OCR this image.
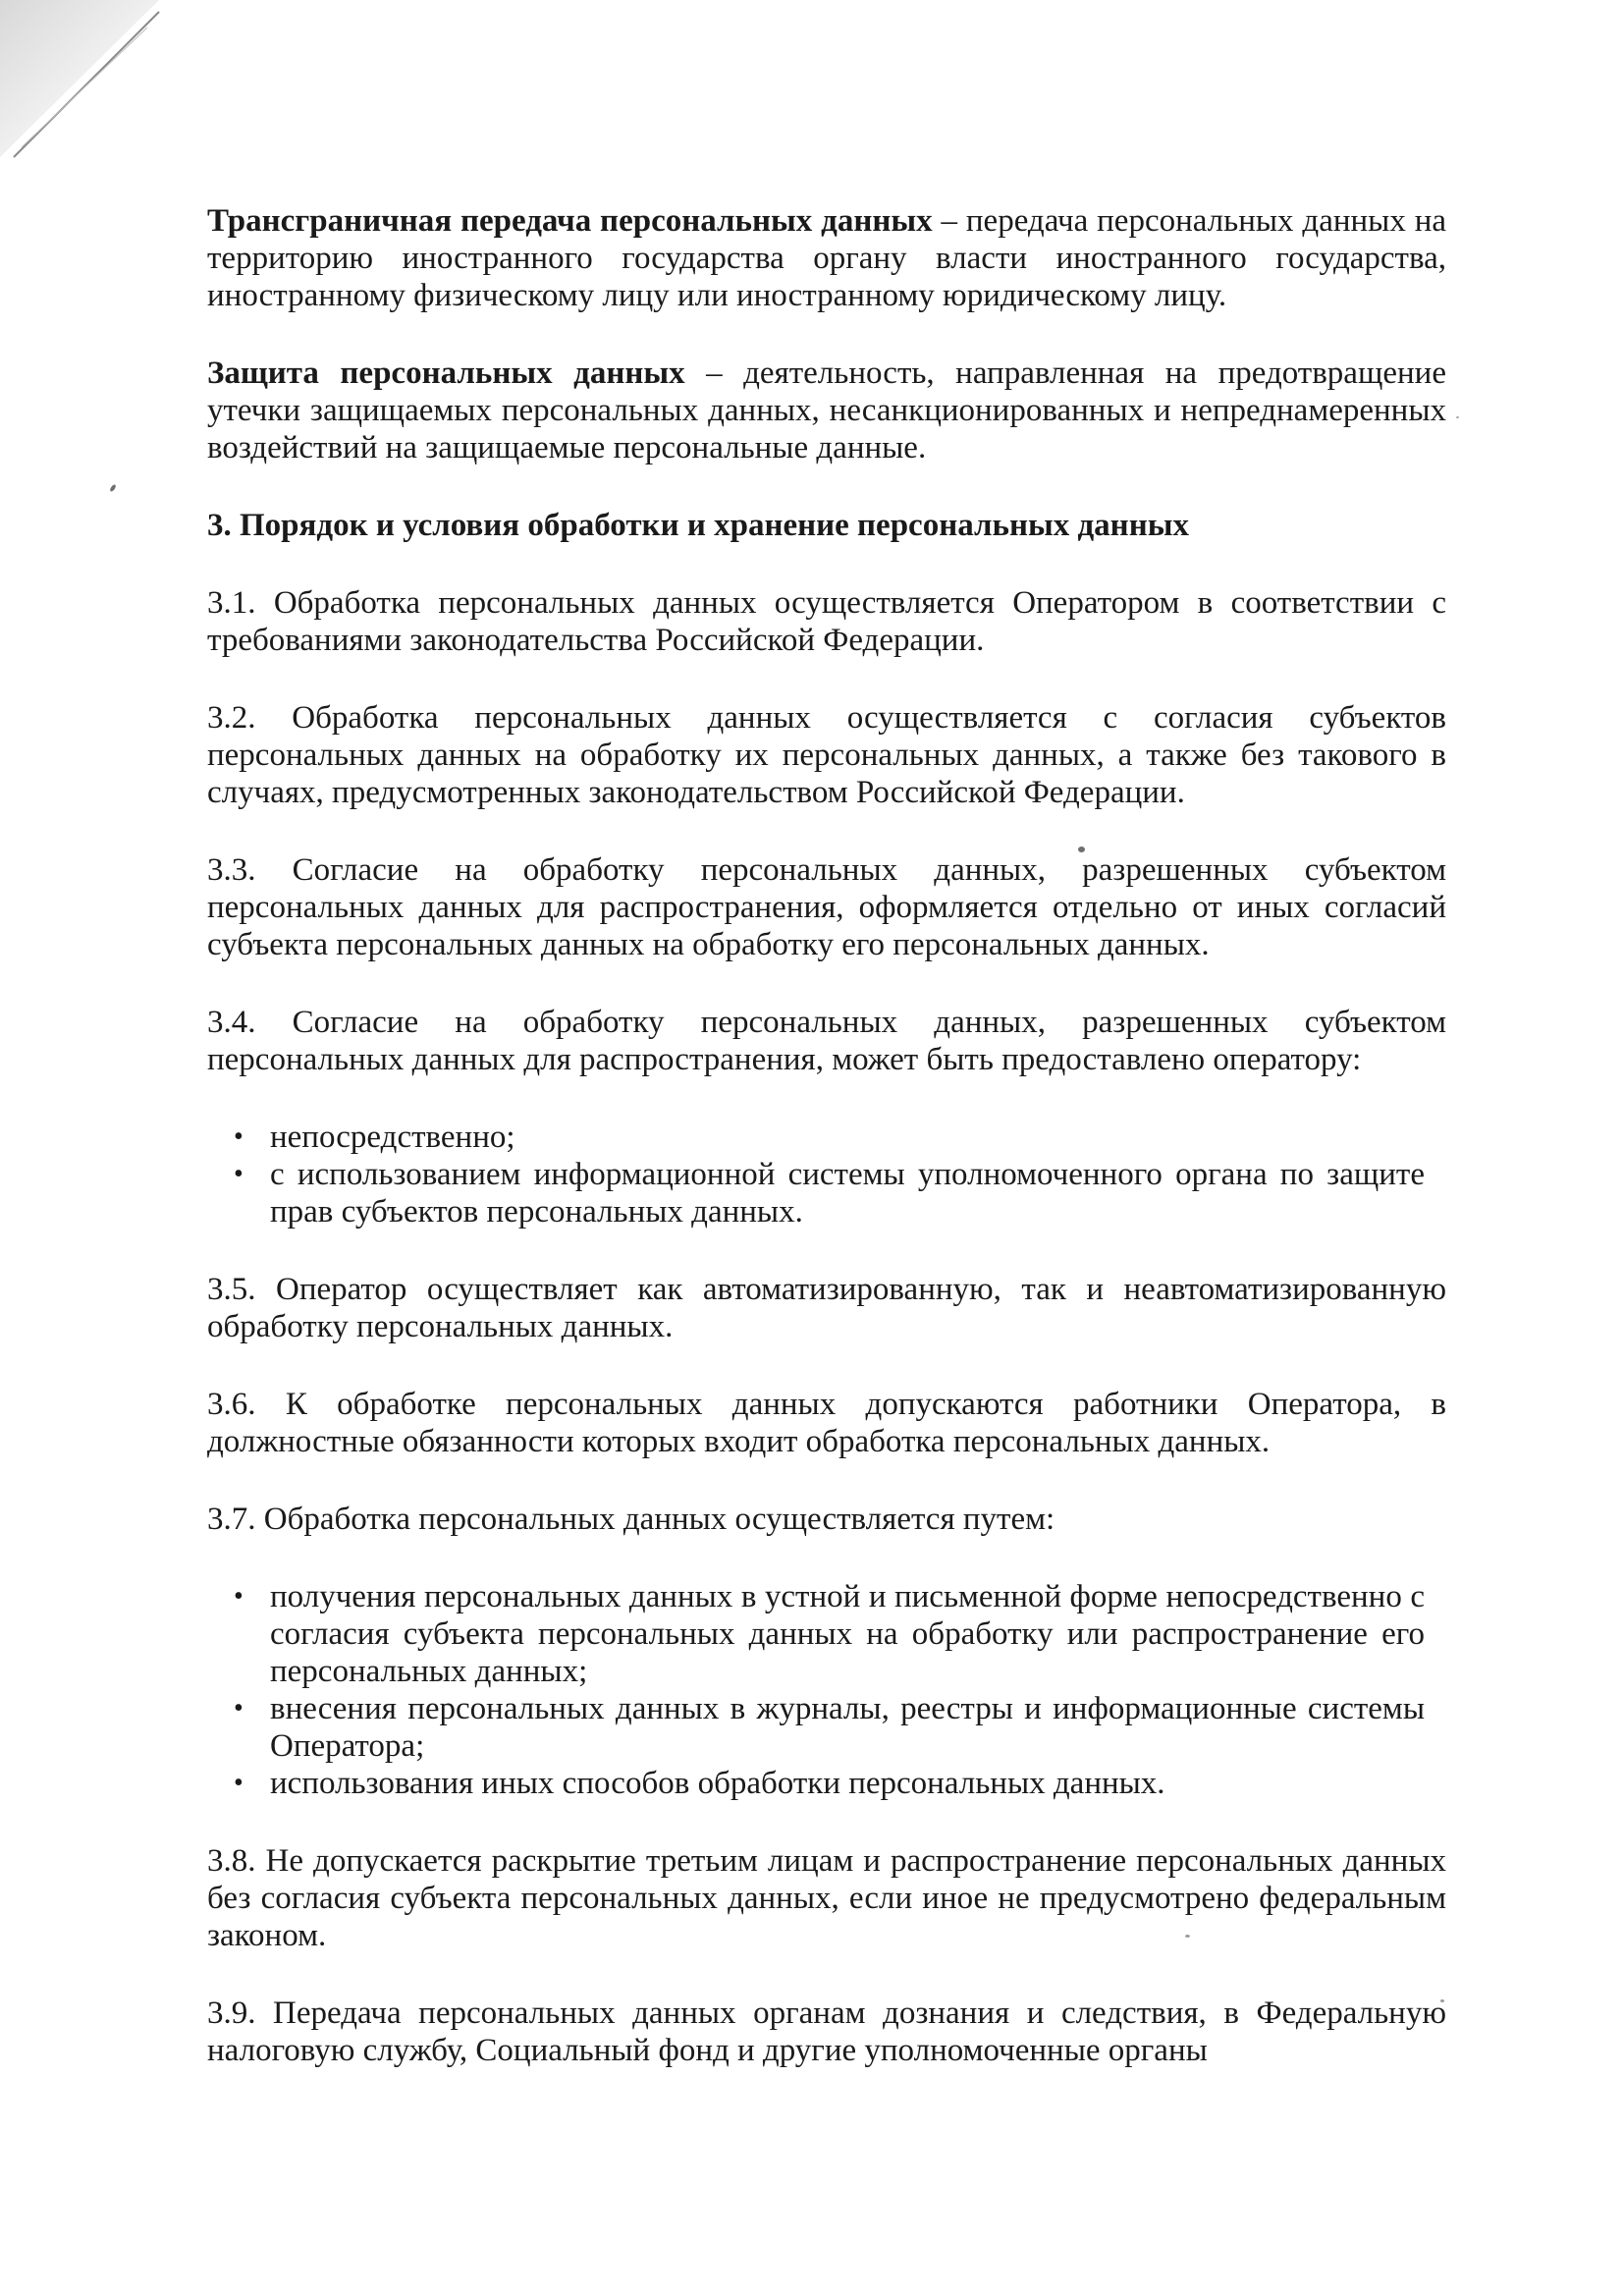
Трансграничная передача персональных данных – передача персональных данных на территорию иностранного государства органу власти иностранного государства, иностранному физическому лицу или иностранному юридическому лицу.

Защита персональных данных – деятельность, направленная на предотвращение утечки защищаемых персональных данных, несанкционированных и непреднамеренных воздействий на защищаемые персональные данные.

3. Порядок и условия обработки и хранение персональных данных

3.1. Обработка персональных данных осуществляется Оператором в соответствии с требованиями законодательства Российской Федерации.

3.2. Обработка персональных данных осуществляется с согласия субъектов персональных данных на обработку их персональных данных, а также без такового в случаях, предусмотренных законодательством Российской Федерации.

3.3. Согласие на обработку персональных данных, разрешенных субъектом персональных данных для распространения, оформляется отдельно от иных согласий субъекта персональных данных на обработку его персональных данных.

3.4. Согласие на обработку персональных данных, разрешенных субъектом персональных данных для распространения, может быть предоставлено оператору:

• непосредственно;
• с использованием информационной системы уполномоченного органа по защите прав субъектов персональных данных.

3.5. Оператор осуществляет как автоматизированную, так и неавтоматизированную обработку персональных данных.

3.6. К обработке персональных данных допускаются работники Оператора, в должностные обязанности которых входит обработка персональных данных.

3.7. Обработка персональных данных осуществляется путем:

• получения персональных данных в устной и письменной форме непосредственно с согласия субъекта персональных данных на обработку или распространение его персональных данных;
• внесения персональных данных в журналы, реестры и информационные системы Оператора;
• использования иных способов обработки персональных данных.

3.8. Не допускается раскрытие третьим лицам и распространение персональных данных без согласия субъекта персональных данных, если иное не предусмотрено федеральным законом.

3.9. Передача персональных данных органам дознания и следствия, в Федеральную налоговую службу, Социальный фонд и другие уполномоченные органы
